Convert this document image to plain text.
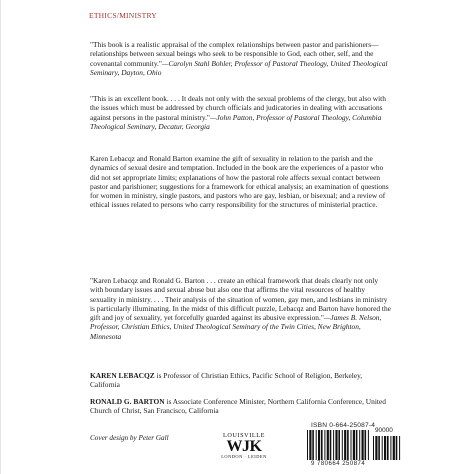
ETHICS/MINISTRY

"This book is a realistic appraisal of the complex relationships between pastor and parishioners—relationships between sexual beings who seek to be responsible to God, each other, self, and the covenantal community."—Carolyn Stahl Bohler, Professor of Pastoral Theology, United Theological Seminary, Dayton, Ohio

"This is an excellent book. . . . It deals not only with the sexual problems of the clergy, but also with the issues which must be addressed by church officials and judicatories in dealing with accusations against persons in the pastoral ministry."—John Patton, Professor of Pastoral Theology, Columbia Theological Seminary, Decatur, Georgia

Karen Lebacqz and Ronald Barton examine the gift of sexuality in relation to the parish and the dynamics of sexual desire and temptation. Included in the book are the experiences of a pastor who did not set appropriate limits; explanations of how the pastoral role affects sexual contact between pastor and parishioner; suggestions for a framework for ethical analysis; an examination of questions for women in ministry, single pastors, and pastors who are gay, lesbian, or bisexual; and a review of ethical issues related to persons who carry responsibility for the structures of ministerial practice.

"Karen Lebacqz and Ronald G. Barton . . . create an ethical framework that deals clearly not only with boundary issues and sexual abuse but also one that affirms the vital resources of healthy sexuality in ministry. . . . Their analysis of the situation of women, gay men, and lesbians in ministry is particularly illuminating. In the midst of this difficult puzzle, Lebacqz and Barton have honored the gift and joy of sexuality, yet forcefully guarded against its abusive expression."—James B. Nelson, Professor, Christian Ethics, United Theological Seminary of the Twin Cities, New Brighton, Minnesota

KAREN LEBACQZ is Professor of Christian Ethics, Pacific School of Religion, Berkeley, California

RONALD G. BARTON is Associate Conference Minister, Northern California Conference, United Church of Christ, San Francisco, California

Cover design by Peter Gall	LOUISVILLE
WJK
LONDON · LEIDEN
ISBN 0-664-25087-4
90000
9 780664 250874
